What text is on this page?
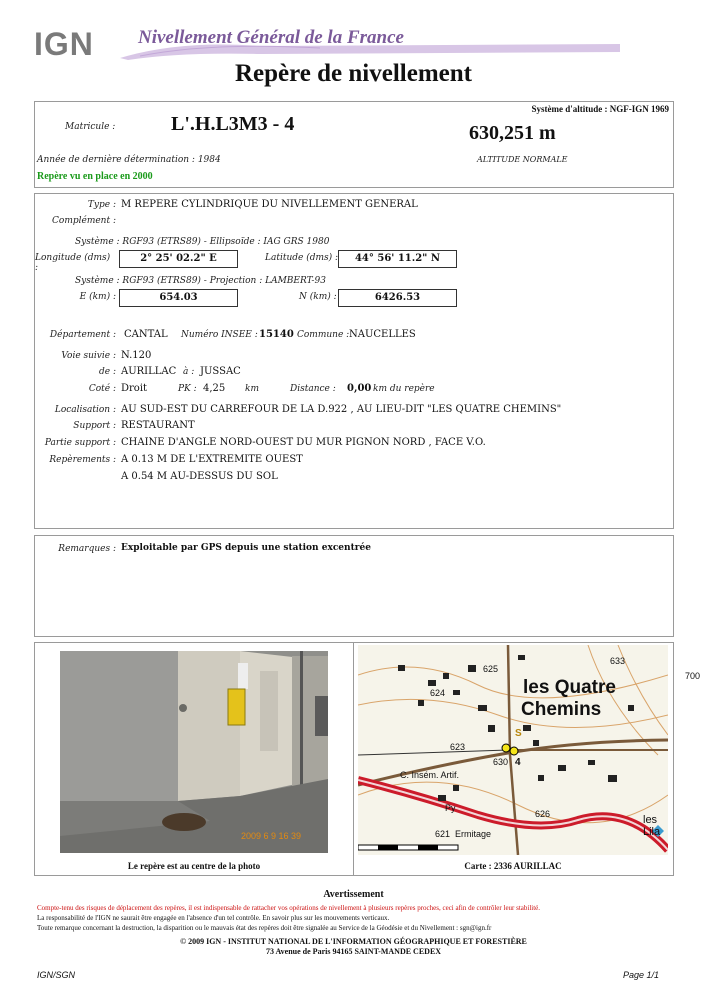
IGN Nivellement Général de la France
Repère de nivellement
Système d'altitude : NGF-IGN 1969
Matricule :	L'.H.L3M3 - 4	630,251 m
ALTITUDE NORMALE
Année de dernière détermination : 1984
Repère vu en place en 2000
Type : M REPERE CYLINDRIQUE DU NIVELLEMENT GENERAL
Complément :
Système : RGF93 (ETRS89) - Ellipsoïde : IAG GRS 1980
Longitude (dms) :
2° 25' 02.2" E	Latitude (dms) :	44° 56' 11.2" N
Système : RGF93 (ETRS89) - Projection : LAMBERT-93
E (km) :	654.03	N (km) :	6426.53
Département : CANTAL Numéro INSEE : 15140 Commune : NAUCELLES
Voie suivie : N.120
de : AURILLAC à : JUSSAC
Coté : Droit	PK : 4,25 km	Distance : 0,00 km du repère
Localisation : AU SUD-EST DU CARREFOUR DE LA D.922 , AU LIEU-DIT "LES QUATRE CHEMINS"
Support : RESTAURANT
Partie support : CHAINE D'ANGLE NORD-OUEST DU MUR PIGNON NORD , FACE V.O.
Repèrements : A 0.13 M DE L'EXTREMITE OUEST
A 0.54 M AU-DESSUS DU SOL
Remarques : Exploitable par GPS depuis une station excentrée
2009 6 9 16 39
Le repère est au centre de la photo
les Quatre
Chemins
625
633
624
623
630
626
621
700
S
4
C. Insém. Artif.
Py
Ermitage
les Lila
Carte : 2336 AURILLAC
Avertissement
Compte-tenu des risques de déplacement des repères, il est indispensable de rattacher vos opérations de nivellement à plusieurs repères proches, ceci afin de contrôler leur stabilité.
La responsabilité de l'IGN ne saurait être engagée en l'absence d'un tel contrôle. En savoir plus sur les mouvements verticaux.
Toute remarque concernant la destruction, la disparition ou le mauvais état des repères doit être signalée au Service de la Géodésie et du Nivellement : sgn@ign.fr
© 2009 IGN - INSTITUT NATIONAL DE L'INFORMATION GÉOGRAPHIQUE ET FORESTIÈRE
73 Avenue de Paris 94165 SAINT-MANDE CEDEX
IGN/SGN	Page 1/1
